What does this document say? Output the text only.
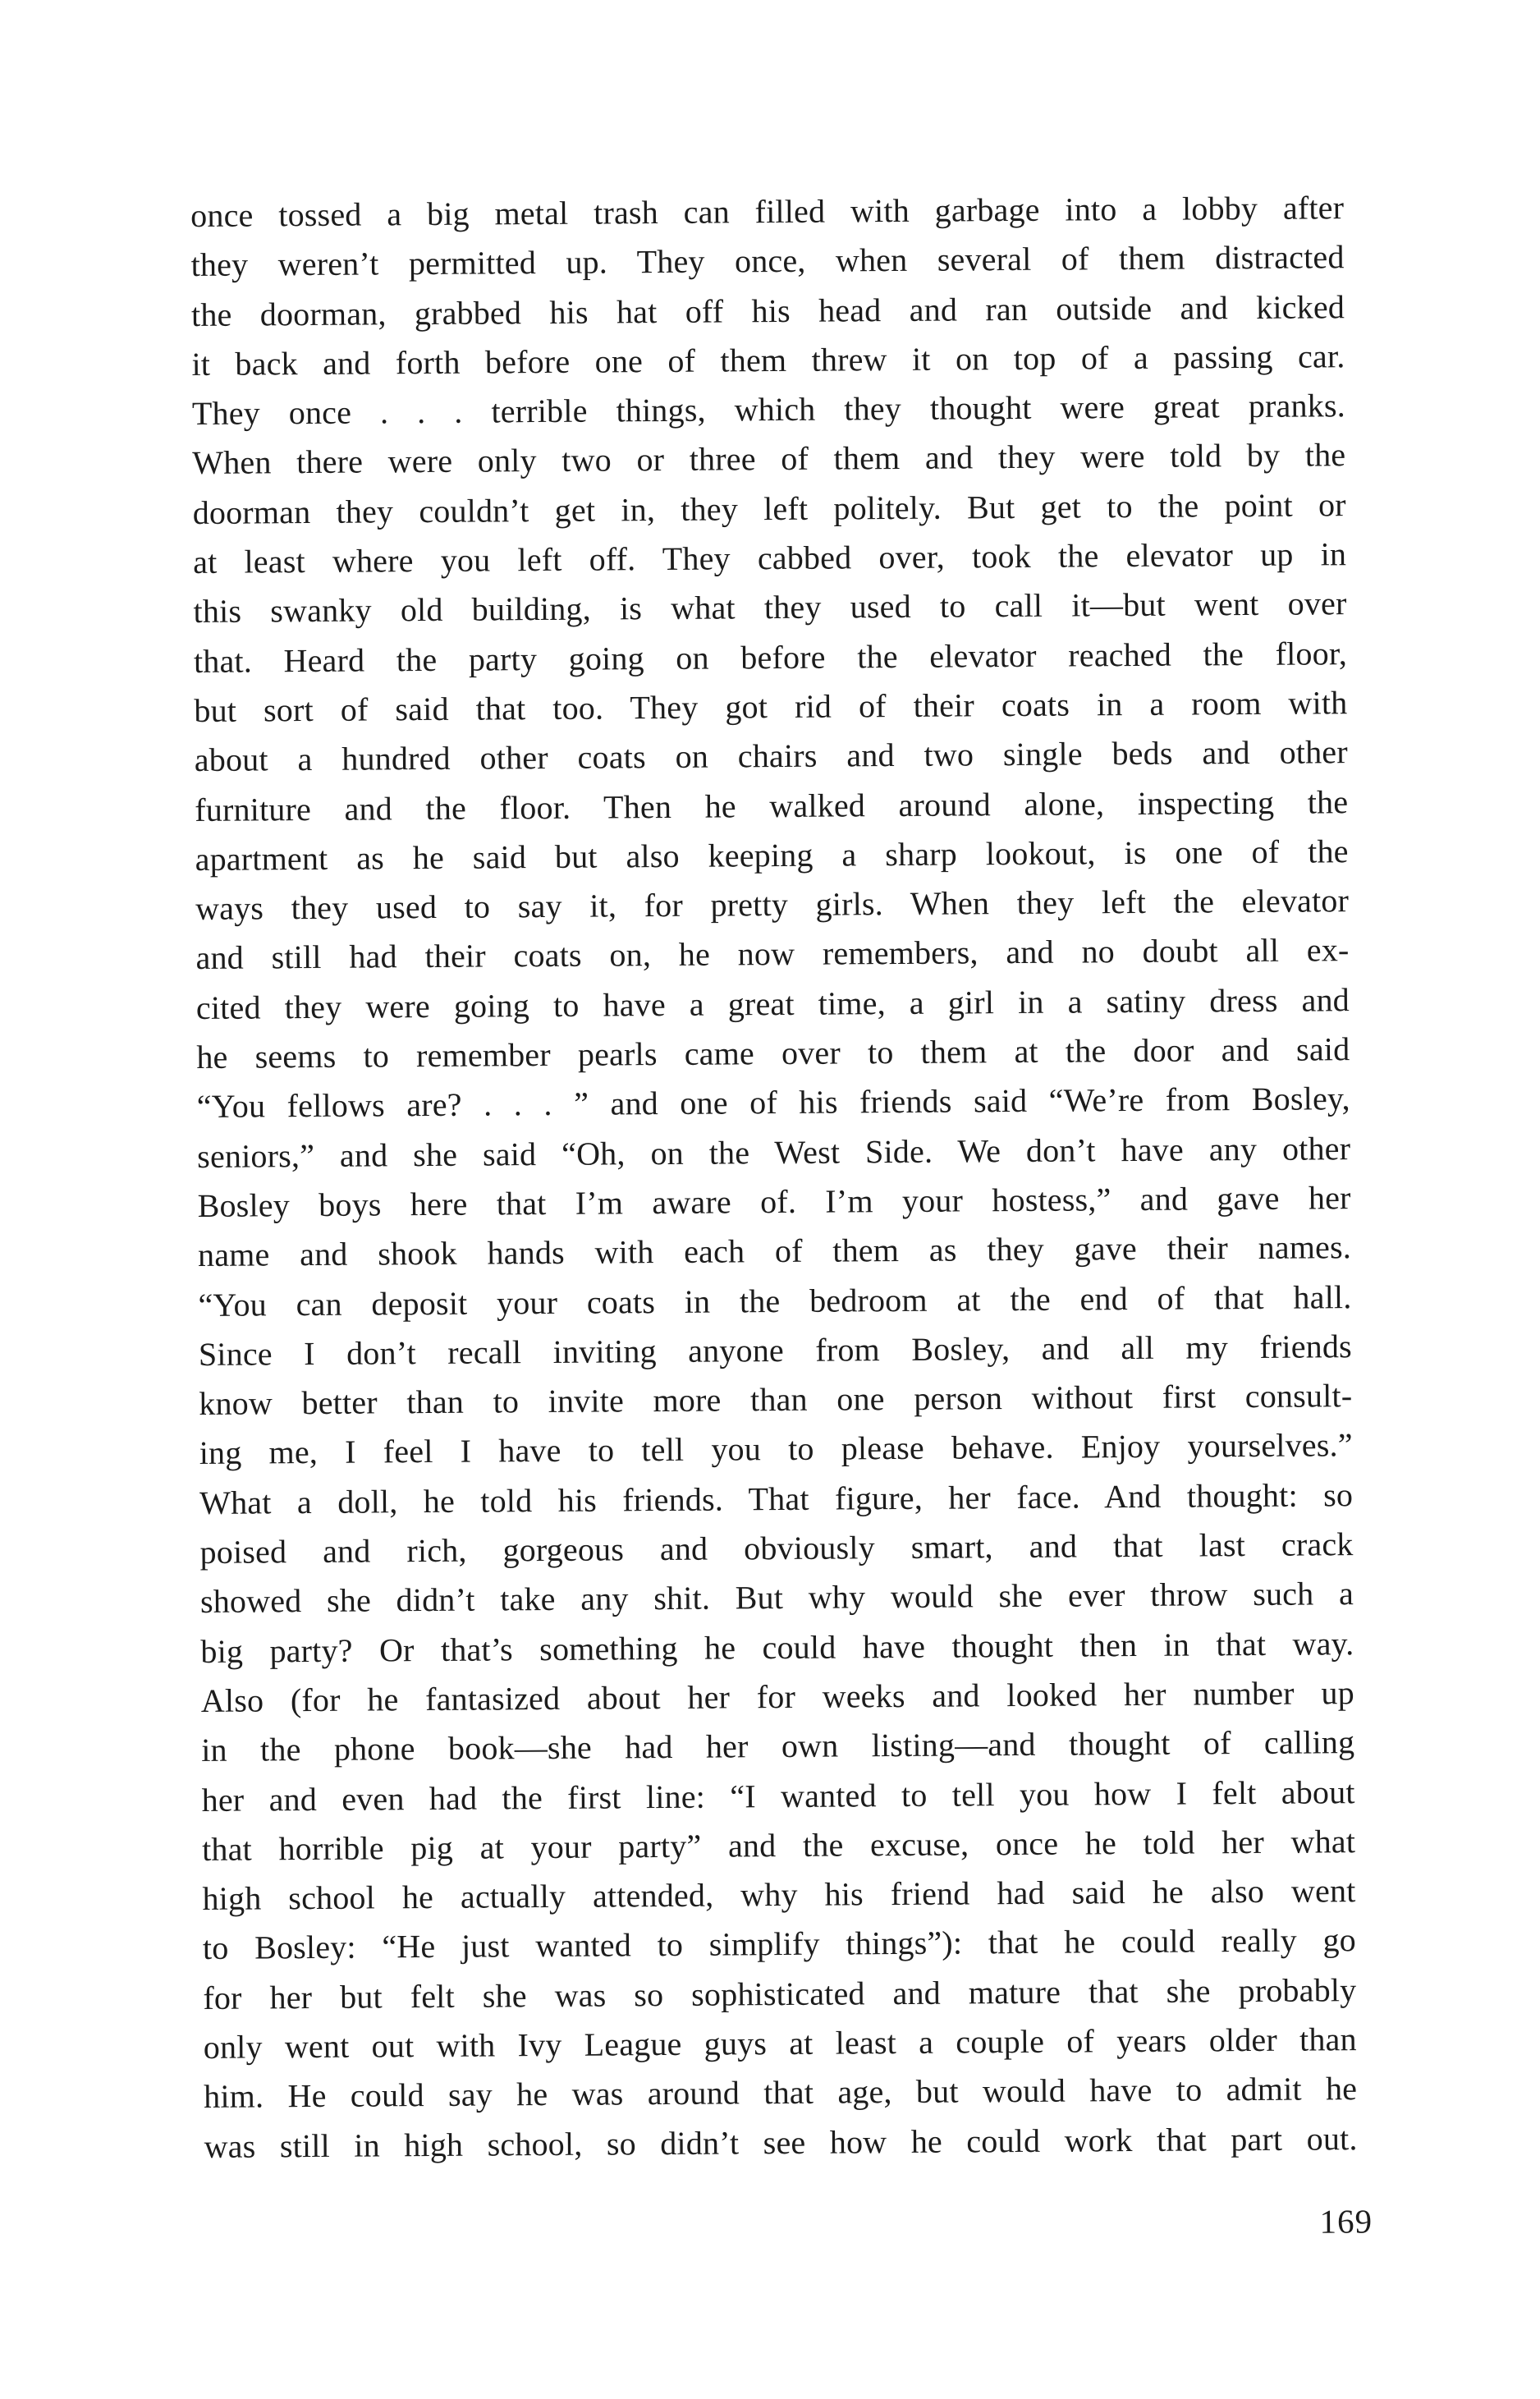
once tossed a big metal trash can filled with garbage into a lobby after
they weren’t permitted up. They once, when several of them distracted
the doorman, grabbed his hat off his head and ran outside and kicked
it back and forth before one of them threw it on top of a passing car.
They once . . . terrible things, which they thought were great pranks.
When there were only two or three of them and they were told by the
doorman they couldn’t get in, they left politely. But get to the point or
at least where you left off. They cabbed over, took the elevator up in
this swanky old building, is what they used to call it—but went over
that. Heard the party going on before the elevator reached the floor,
but sort of said that too. They got rid of their coats in a room with
about a hundred other coats on chairs and two single beds and other
furniture and the floor. Then he walked around alone, inspecting the
apartment as he said but also keeping a sharp lookout, is one of the
ways they used to say it, for pretty girls. When they left the elevator
and still had their coats on, he now remembers, and no doubt all ex-
cited they were going to have a great time, a girl in a satiny dress and
he seems to remember pearls came over to them at the door and said
“You fellows are? . . . ” and one of his friends said “We’re from Bosley,
seniors,” and she said “Oh, on the West Side. We don’t have any other
Bosley boys here that I’m aware of. I’m your hostess,” and gave her
name and shook hands with each of them as they gave their names.
“You can deposit your coats in the bedroom at the end of that hall.
Since I don’t recall inviting anyone from Bosley, and all my friends
know better than to invite more than one person without first consult-
ing me, I feel I have to tell you to please behave. Enjoy yourselves.”
What a doll, he told his friends. That figure, her face. And thought: so
poised and rich, gorgeous and obviously smart, and that last crack
showed she didn’t take any shit. But why would she ever throw such a
big party? Or that’s something he could have thought then in that way.
Also (for he fantasized about her for weeks and looked her number up
in the phone book—she had her own listing—and thought of calling
her and even had the first line: “I wanted to tell you how I felt about
that horrible pig at your party” and the excuse, once he told her what
high school he actually attended, why his friend had said he also went
to Bosley: “He just wanted to simplify things”): that he could really go
for her but felt she was so sophisticated and mature that she probably
only went out with Ivy League guys at least a couple of years older than
him. He could say he was around that age, but would have to admit he
was still in high school, so didn’t see how he could work that part out.
169
